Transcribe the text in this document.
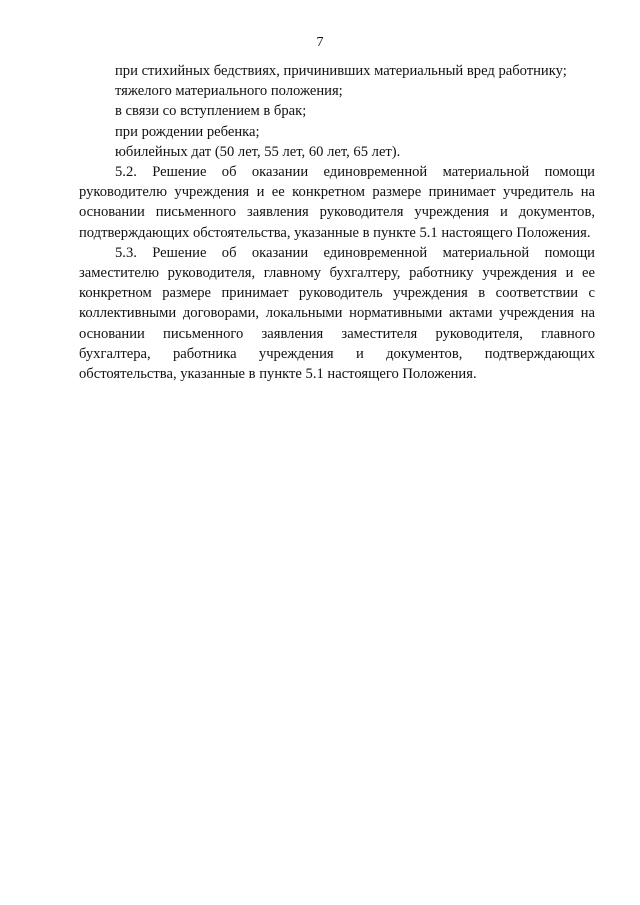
7

при стихийных бедствиях, причинивших материальный вред работнику;

тяжелого материального положения;

в связи со вступлением в брак;

при рождении ребенка;

юбилейных дат (50 лет, 55 лет, 60 лет, 65 лет).

5.2. Решение об оказании единовременной материальной помощи руководителю учреждения и ее конкретном размере принимает учредитель на основании письменного заявления руководителя учреждения и документов, подтверждающих обстоятельства, указанные в пункте 5.1 настоящего Положения.

5.3. Решение об оказании единовременной материальной помощи заместителю руководителя, главному бухгалтеру, работнику учреждения и ее конкретном размере принимает руководитель учреждения в соответствии с коллективными договорами, локальными нормативными актами учреждения на основании письменного заявления заместителя руководителя, главного бухгалтера, работника учреждения и документов, подтверждающих обстоятельства, указанные в пункте 5.1 настоящего Положения.
